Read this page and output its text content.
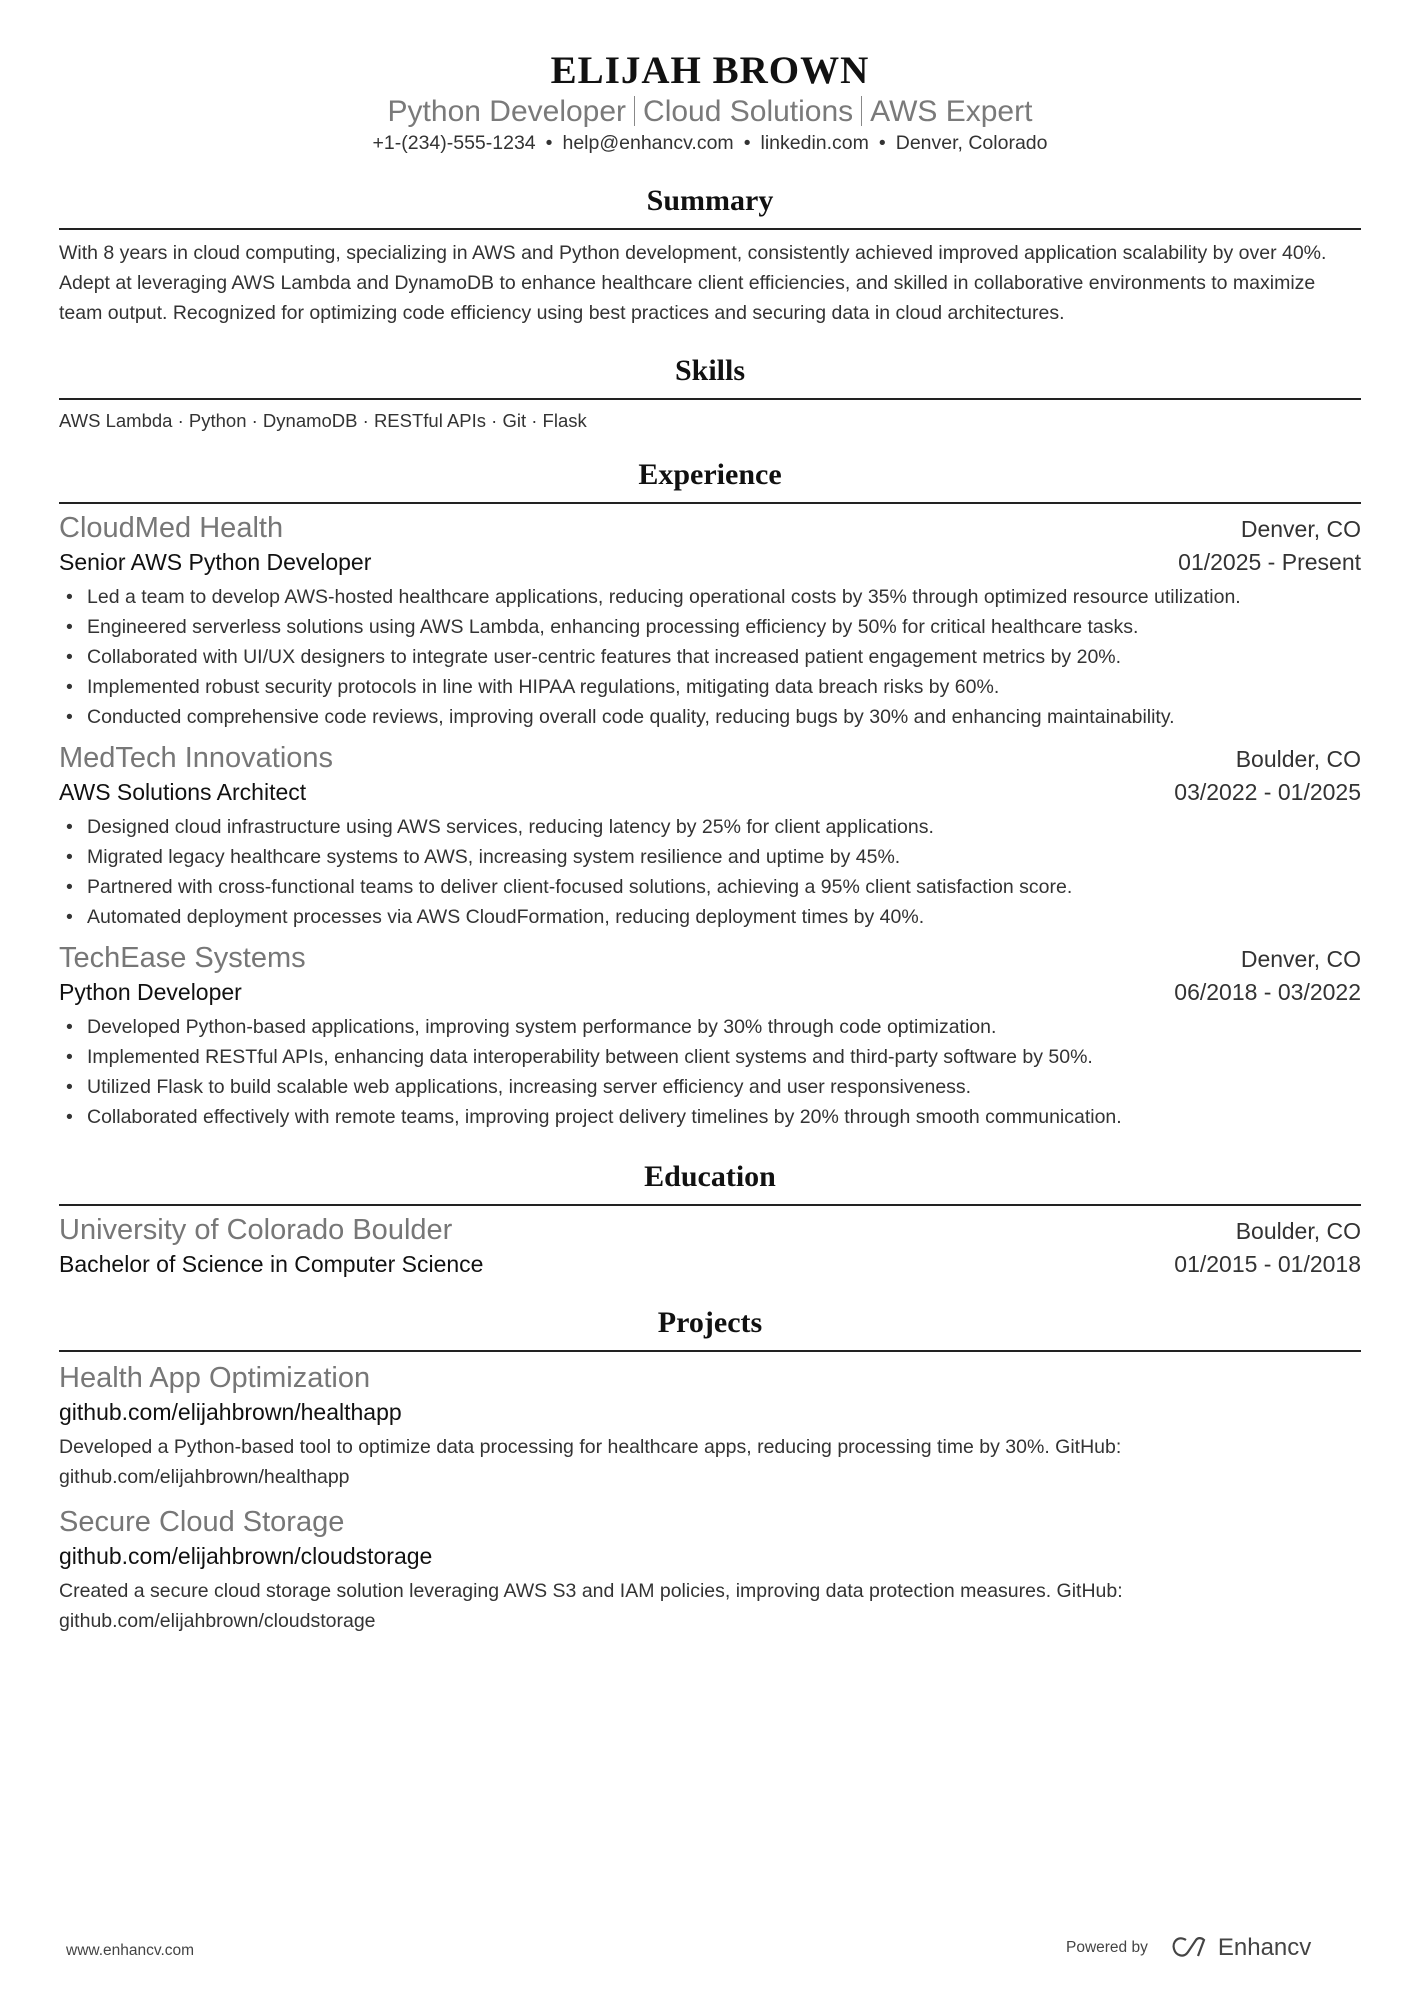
ELIJAH BROWN
Python Developer Cloud Solutions AWS Expert
+1-(234)-555-1234 • help@enhancv.com • linkedin.com • Denver, Colorado
Summary

With 8 years in cloud computing, specializing in AWS and Python development, consistently achieved improved application scalability by over 40%. Adept at leveraging AWS Lambda and DynamoDB to enhance healthcare client efficiencies, and skilled in collaborative environments to maximize team output. Recognized for optimizing code efficiency using best practices and securing data in cloud architectures.

Skills
AWS Lambda · Python · DynamoDB · RESTful APIs · Git · Flask
Experience
CloudMed Health	Denver, CO
Senior AWS Python Developer	01/2025 - Present
• Led a team to develop AWS-hosted healthcare applications, reducing operational costs by 35% through optimized resource utilization.
• Engineered serverless solutions using AWS Lambda, enhancing processing efficiency by 50% for critical healthcare tasks.
• Collaborated with UI/UX designers to integrate user-centric features that increased patient engagement metrics by 20%.
• Implemented robust security protocols in line with HIPAA regulations, mitigating data breach risks by 60%.
• Conducted comprehensive code reviews, improving overall code quality, reducing bugs by 30% and enhancing maintainability.
MedTech Innovations	Boulder, CO
AWS Solutions Architect	03/2022 - 01/2025
• Designed cloud infrastructure using AWS services, reducing latency by 25% for client applications.
• Migrated legacy healthcare systems to AWS, increasing system resilience and uptime by 45%.
• Partnered with cross-functional teams to deliver client-focused solutions, achieving a 95% client satisfaction score.
• Automated deployment processes via AWS CloudFormation, reducing deployment times by 40%.
TechEase Systems	Denver, CO
Python Developer	06/2018 - 03/2022
• Developed Python-based applications, improving system performance by 30% through code optimization.
• Implemented RESTful APIs, enhancing data interoperability between client systems and third-party software by 50%.
• Utilized Flask to build scalable web applications, increasing server efficiency and user responsiveness.
• Collaborated effectively with remote teams, improving project delivery timelines by 20% through smooth communication.
Education
University of Colorado Boulder	Boulder, CO
Bachelor of Science in Computer Science	01/2015 - 01/2018
Projects
Health App Optimization
github.com/elijahbrown/healthapp

Developed a Python-based tool to optimize data processing for healthcare apps, reducing processing time by 30%. GitHub: github.com/elijahbrown/healthapp

Secure Cloud Storage
github.com/elijahbrown/cloudstorage

Created a secure cloud storage solution leveraging AWS S3 and IAM policies, improving data protection measures. GitHub: github.com/elijahbrown/cloudstorage

www.enhancv.com	Powered by	Enhancv
